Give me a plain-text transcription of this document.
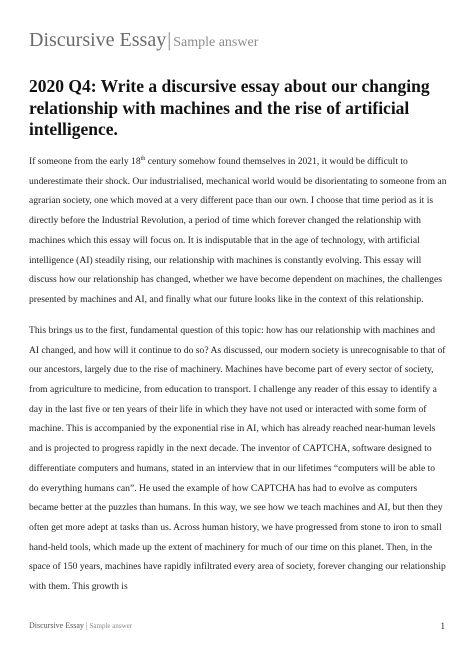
Discursive Essay| Sample answer
2020 Q4: Write a discursive essay about our changing relationship with machines and the rise of artificial intelligence.

If someone from the early 18th century somehow found themselves in 2021, it would be difficult to underestimate their shock. Our industrialised, mechanical world would be disorientating to someone from an agrarian society, one which moved at a very different pace than our own. I choose that time period as it is directly before the Industrial Revolution, a period of time which forever changed the relationship with machines which this essay will focus on. It is indisputable that in the age of technology, with artificial intelligence (AI) steadily rising, our relationship with machines is constantly evolving. This essay will discuss how our relationship has changed, whether we have become dependent on machines, the challenges presented by machines and AI, and finally what our future looks like in the context of this relationship.

This brings us to the first, fundamental question of this topic: how has our relationship with machines and AI changed, and how will it continue to do so? As discussed, our modern society is unrecognisable to that of our ancestors, largely due to the rise of machinery. Machines have become part of every sector of society, from agriculture to medicine, from education to transport. I challenge any reader of this essay to identify a day in the last five or ten years of their life in which they have not used or interacted with some form of machine. This is accompanied by the exponential rise in AI, which has already reached near-human levels and is projected to progress rapidly in the next decade. The inventor of CAPTCHA, software designed to differentiate computers and humans, stated in an interview that in our lifetimes “computers will be able to do everything humans can”. He used the example of how CAPTCHA has had to evolve as computers became better at the puzzles than humans. In this way, we see how we teach machines and AI, but then they often get more adept at tasks than us. Across human history, we have progressed from stone to iron to small hand-held tools, which made up the extent of machinery for much of our time on this planet. Then, in the space of 150 years, machines have rapidly infiltrated every area of society, forever changing our relationship with them. This growth is

Discursive Essay | Sample answer	1
